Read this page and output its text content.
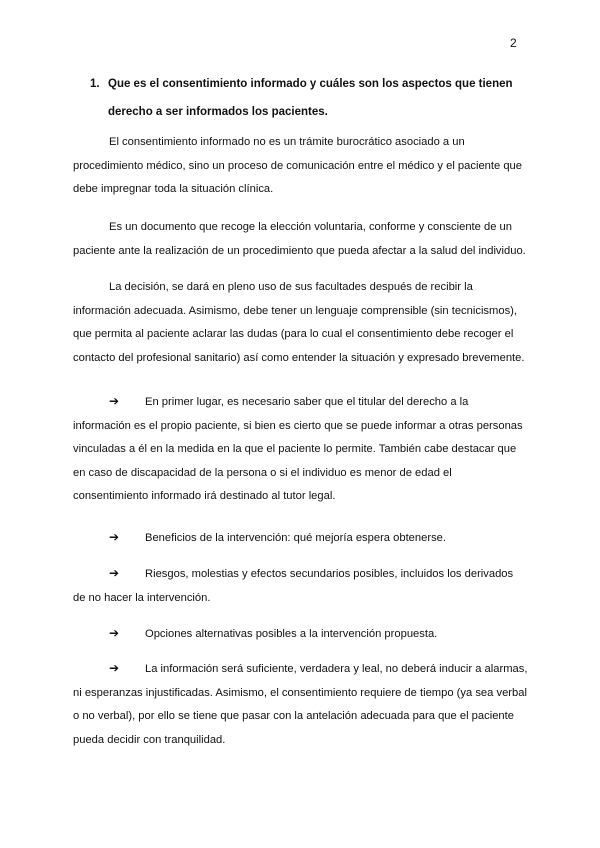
2
1. Que es el consentimiento informado y cuáles son los aspectos que tienen
derecho a ser informados los pacientes.

El consentimiento informado no es un trámite burocrático asociado a un procedimiento médico, sino un proceso de comunicación entre el médico y el paciente que debe impregnar toda la situación clínica.

Es un documento que recoge la elección voluntaria, conforme y consciente de un paciente ante la realización de un procedimiento que pueda afectar a la salud del individuo.

La decisión, se dará en pleno uso de sus facultades después de recibir la información adecuada. Asimismo, debe tener un lenguaje comprensible (sin tecnicismos), que permita al paciente aclarar las dudas (para lo cual el consentimiento debe recoger el contacto del profesional sanitario) así como entender la situación y expresado brevemente.

➔ En primer lugar, es necesario saber que el titular del derecho a la información es el propio paciente, si bien es cierto que se puede informar a otras personas vinculadas a él en la medida en la que el paciente lo permite. También cabe destacar que en caso de discapacidad de la persona o si el individuo es menor de edad el consentimiento informado irá destinado al tutor legal.

➔ Beneficios de la intervención: qué mejoría espera obtenerse.

➔ Riesgos, molestias y efectos secundarios posibles, incluidos los derivados de no hacer la intervención.

➔ Opciones alternativas posibles a la intervención propuesta.

➔ La información será suficiente, verdadera y leal, no deberá inducir a alarmas, ni esperanzas injustificadas. Asimismo, el consentimiento requiere de tiempo (ya sea verbal o no verbal), por ello se tiene que pasar con la antelación adecuada para que el paciente pueda decidir con tranquilidad.
